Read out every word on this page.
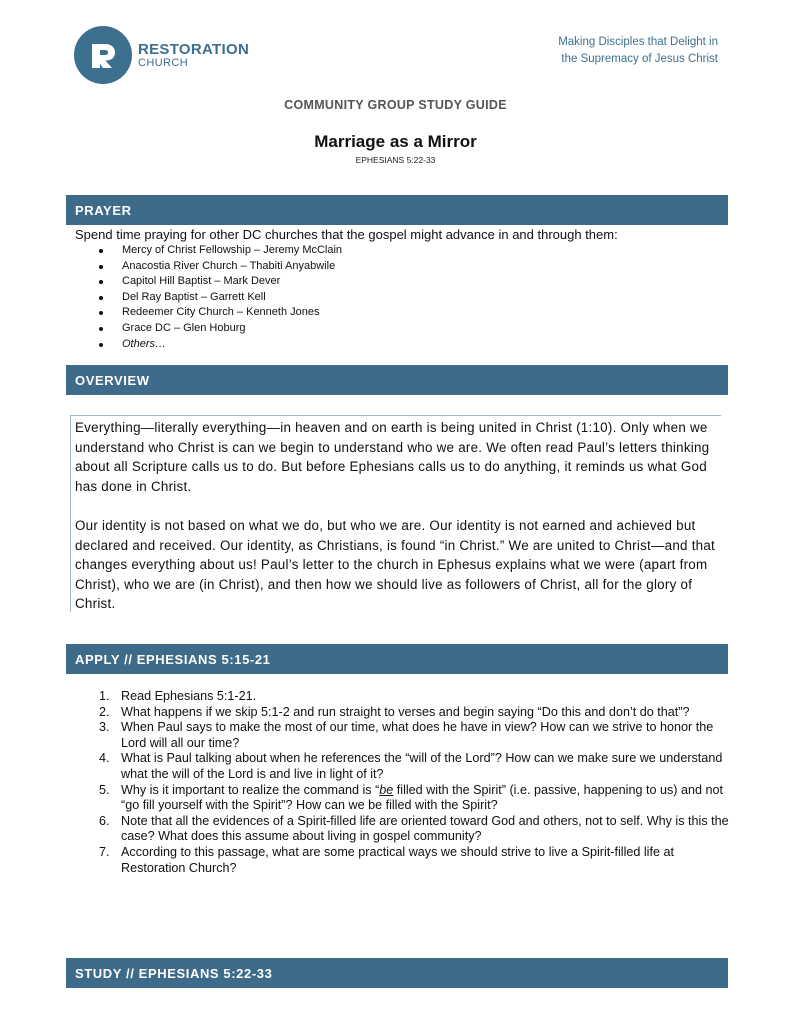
RESTORATION
CHURCH
Making Disciples that Delight in
the Supremacy of Jesus Christ
COMMUNITY GROUP STUDY GUIDE
Marriage as a Mirror
EPHESIANS 5:22-33
PRAYER
Spend time praying for other DC churches that the gospel might advance in and through them:
Mercy of Christ Fellowship – Jeremy McClain
Anacostia River Church – Thabiti Anyabwile
Capitol Hill Baptist – Mark Dever
Del Ray Baptist – Garrett Kell
Redeemer City Church – Kenneth Jones
Grace DC – Glen Hoburg
Others…
OVERVIEW

Everything—literally everything—in heaven and on earth is being united in Christ (1:10). Only when we understand who Christ is can we begin to understand who we are. We often read Paul’s letters thinking about all Scripture calls us to do. But before Ephesians calls us to do anything, it reminds us what God has done in Christ.

Our identity is not based on what we do, but who we are. Our identity is not earned and achieved but declared and received. Our identity, as Christians, is found “in Christ.” We are united to Christ—and that changes everything about us! Paul’s letter to the church in Ephesus explains what we were (apart from Christ), who we are (in Christ), and then how we should live as followers of Christ, all for the glory of Christ.

APPLY // EPHESIANS 5:15-21
1. Read Ephesians 5:1-21.
2. What happens if we skip 5:1-2 and run straight to verses and begin saying “Do this and don’t do that”?
3. When Paul says to make the most of our time, what does he have in view? How can we strive to honor the Lord will all our time?
4. What is Paul talking about when he references the “will of the Lord”? How can we make sure we understand what the will of the Lord is and live in light of it?
5. Why is it important to realize the command is “be filled with the Spirit” (i.e. passive, happening to us) and not “go fill yourself with the Spirit”? How can we be filled with the Spirit?
6. Note that all the evidences of a Spirit-filled life are oriented toward God and others, not to self. Why is this the case? What does this assume about living in gospel community?
7. According to this passage, what are some practical ways we should strive to live a Spirit-filled life at Restoration Church?
STUDY // EPHESIANS 5:22-33
